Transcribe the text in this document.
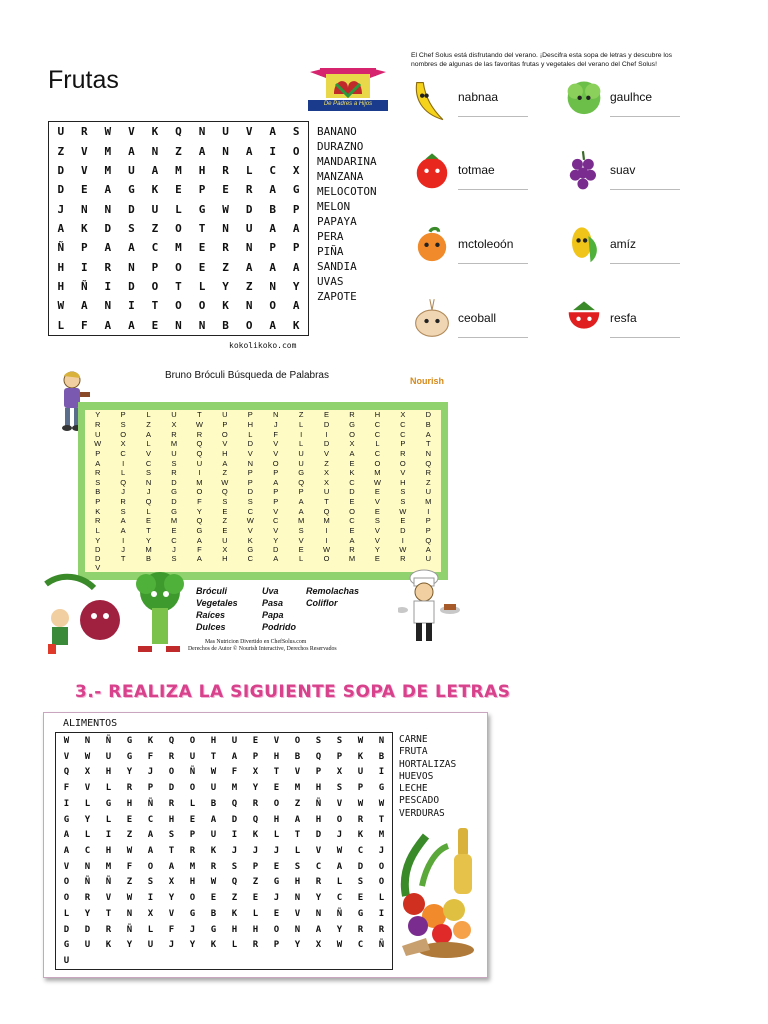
Frutas
De Padres a Hijos
U	R	W	V	K	Q	N	U	V	A	S
Z	V	M	A	N	Z	A	N	A	I	O
D	V	M	U	A	M	H	R	L	C	X
D	E	A	G	K	E	P	E	R	A	G
J	N	N	D	U	L	G	W	D	B	P
A	K	D	S	Z	O	T	N	U	A	A
Ñ	P	A	A	C	M	E	R	N	P	P
H	I	R	N	P	O	E	Z	A	A	A
H	Ñ	I	D	O	T	L	Y	Z	N	Y
W	A	N	I	T	O	O	K	N	O	A
L	F	A	A	E	N	N	B	O	A	K
BANANO
DURAZNO
MANDARINA
MANZANA
MELOCOTON
MELON
PAPAYA
PERA
PIÑA
SANDIA
UVAS
ZAPOTE
kokolikoko.com
El Chef Solus está disfrutando del verano. ¡Descifra esta sopa de letras y descubre los nombres de algunas de las favoritas frutas y vegetales del verano del Chef Solus!
nabnaa	gaulhce
totmae	suav
mctoleoón	amíz
ceoball	resfa
Bruno Bróculi Búsqueda de Palabras	Nourish
Y	P	L	U	T	U	P	N	Z	E	R	H	X	D
R	S	Z	X	W	P	H	J	L	D	G	C	C	B
U	O	A	R	R	O	L	F	I	I	O	C	C	A
W	X	L	M	Q	V	D	V	L	D	X	L	P	T
P	C	V	U	Q	H	V	V	U	V	A	C	R	N
A	I	C	S	U	A	N	O	U	Z	E	O	O	Q
R	L	S	R	I	Z	P	P	G	X	K	M	V	R
S	Q	N	D	M	W	P	A	Q	X	C	W	H	Z
B	J	J	G	O	Q	D	P	P	U	D	E	S	U
P	R	Q	D	F	S	S	P	A	T	E	V	S	M
K	S	L	G	Y	E	C	V	A	Q	O	E	W	I
R	A	E	M	Q	Z	W	C	M	M	C	S	E	P
L	A	T	E	G	E	V	V	S	I	E	V	D	P
Y	I	Y	C	A	U	K	Y	V	I	A	V	I	Q
D	J	M	J	F	X	G	D	E	W	R	Y	W	A
D	T	B	S	A	H	C	A	L	O	M	E	R	U
V
Bróculi	Uva	Remolachas
Vegetales	Pasa	Coliflor
Raíces	Papa
Dulces	Podrido
Mas Nutricion Divertido en ChefSolus.com
Derechos de Autor © Nourish Interactive, Derechos Reservados
3.- REALIZA LA SIGUIENTE SOPA DE LETRAS
ALIMENTOS
W	N	Ñ	G	K	Q	O	H	U	E	V	O	S	S	W	N
V	W	U	G	F	R	U	T	A	P	H	B	Q	P	K	B
Q	X	H	Y	J	O	Ñ	W	F	X	T	V	P	X	U	I
F	V	L	R	P	D	O	U	M	Y	E	M	H	S	P	G
I	L	G	H	Ñ	R	L	B	Q	R	O	Z	Ñ	V	W	W
G	Y	L	E	C	H	E	A	D	Q	H	A	H	O	R	T
A	L	I	Z	A	S	P	U	I	K	L	T	D	J	K	M
A	C	H	W	A	T	R	K	J	J	J	L	V	W	C	J
V	N	M	F	O	A	M	R	S	P	E	S	C	A	D	O
O	Ñ	Ñ	Z	S	X	H	W	Q	Z	G	H	R	L	S	O
O	R	V	W	I	Y	O	E	Z	E	J	N	Y	C	E	L
L	Y	T	N	X	V	G	B	K	L	E	V	N	Ñ	G	I
D	D	R	Ñ	L	F	J	G	H	H	O	N	A	Y	R	R
G	U	K	Y	U	J	Y	K	L	R	P	Y	X	W	C	Ñ
U
CARNE
FRUTA
HORTALIZAS
HUEVOS
LECHE
PESCADO
VERDURAS
